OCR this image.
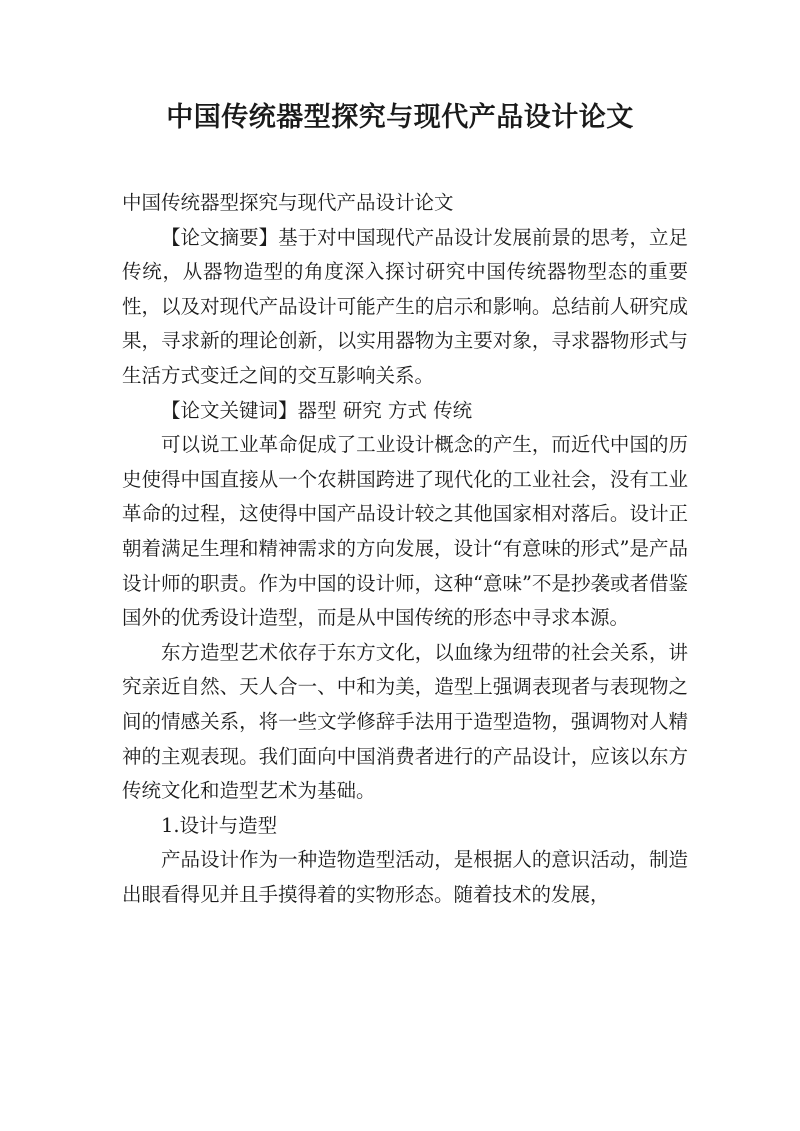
中国传统器型探究与现代产品设计论文

中国传统器型探究与现代产品设计论文

【论文摘要】基于对中国现代产品设计发展前景的思考，立足传统，从器物造型的角度深入探讨研究中国传统器物型态的重要性，以及对现代产品设计可能产生的启示和影响。总结前人研究成果，寻求新的理论创新，以实用器物为主要对象，寻求器物形式与生活方式变迁之间的交互影响关系。

【论文关键词】器型 研究 方式 传统

可以说工业革命促成了工业设计概念的产生，而近代中国的历史使得中国直接从一个农耕国跨进了现代化的工业社会，没有工业革命的过程，这使得中国产品设计较之其他国家相对落后。设计正朝着满足生理和精神需求的方向发展，设计“有意味的形式”是产品设计师的职责。作为中国的设计师，这种“意味”不是抄袭或者借鉴国外的优秀设计造型，而是从中国传统的形态中寻求本源。

东方造型艺术依存于东方文化，以血缘为纽带的社会关系，讲究亲近自然、天人合一、中和为美，造型上强调表现者与表现物之间的情感关系，将一些文学修辞手法用于造型造物，强调物对人精神的主观表现。我们面向中国消费者进行的产品设计，应该以东方传统文化和造型艺术为基础。

1.设计与造型

产品设计作为一种造物造型活动，是根据人的意识活动，制造出眼看得见并且手摸得着的实物形态。随着技术的发展，
